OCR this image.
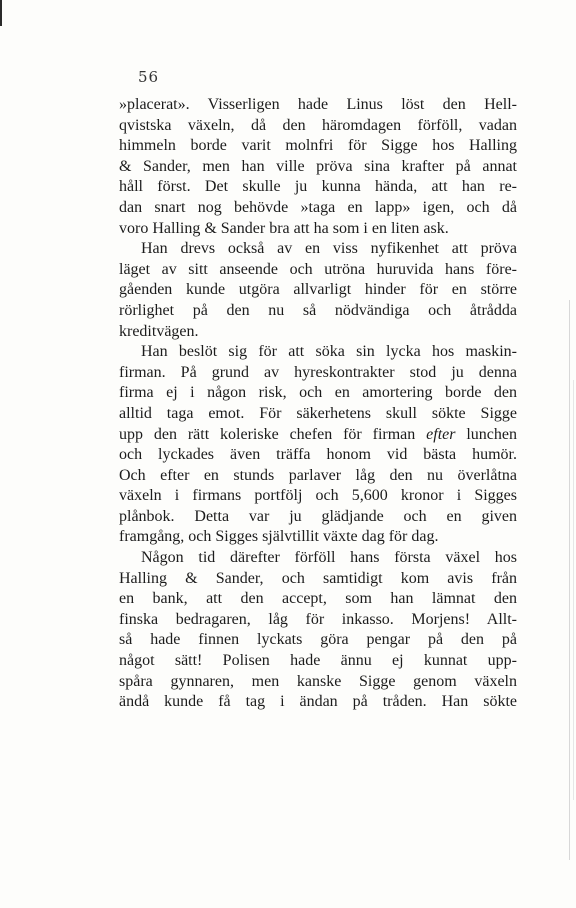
56
»placerat». Visserligen hade Linus löst den Hell-
qvistska växeln, då den häromdagen förföll, vadan
himmeln borde varit molnfri för Sigge hos Halling
& Sander, men han ville pröva sina krafter på annat
håll först. Det skulle ju kunna hända, att han re-
dan snart nog behövde »taga en lapp» igen, och då
voro Halling & Sander bra att ha som i en liten ask.
Han drevs också av en viss nyfikenhet att pröva
läget av sitt anseende och utröna huruvida hans före-
gåenden kunde utgöra allvarligt hinder för en större
rörlighet på den nu så nödvändiga och åtrådda
kreditvägen.
Han beslöt sig för att söka sin lycka hos maskin-
firman. På grund av hyreskontrakter stod ju denna
firma ej i någon risk, och en amortering borde den
alltid taga emot. För säkerhetens skull sökte Sigge
upp den rätt koleriske chefen för firman efter lunchen
och lyckades även träffa honom vid bästa humör.
Och efter en stunds parlaver låg den nu överlåtna
växeln i firmans portfölj och 5,600 kronor i Sigges
plånbok. Detta var ju glädjande och en given
framgång, och Sigges självtillit växte dag för dag.
Någon tid därefter förföll hans första växel hos
Halling & Sander, och samtidigt kom avis från
en bank, att den accept, som han lämnat den
finska bedragaren, låg för inkasso. Morjens! Allt-
så hade finnen lyckats göra pengar på den på
något sätt! Polisen hade ännu ej kunnat upp-
spåra gynnaren, men kanske Sigge genom växeln
ändå kunde få tag i ändan på tråden. Han sökte
